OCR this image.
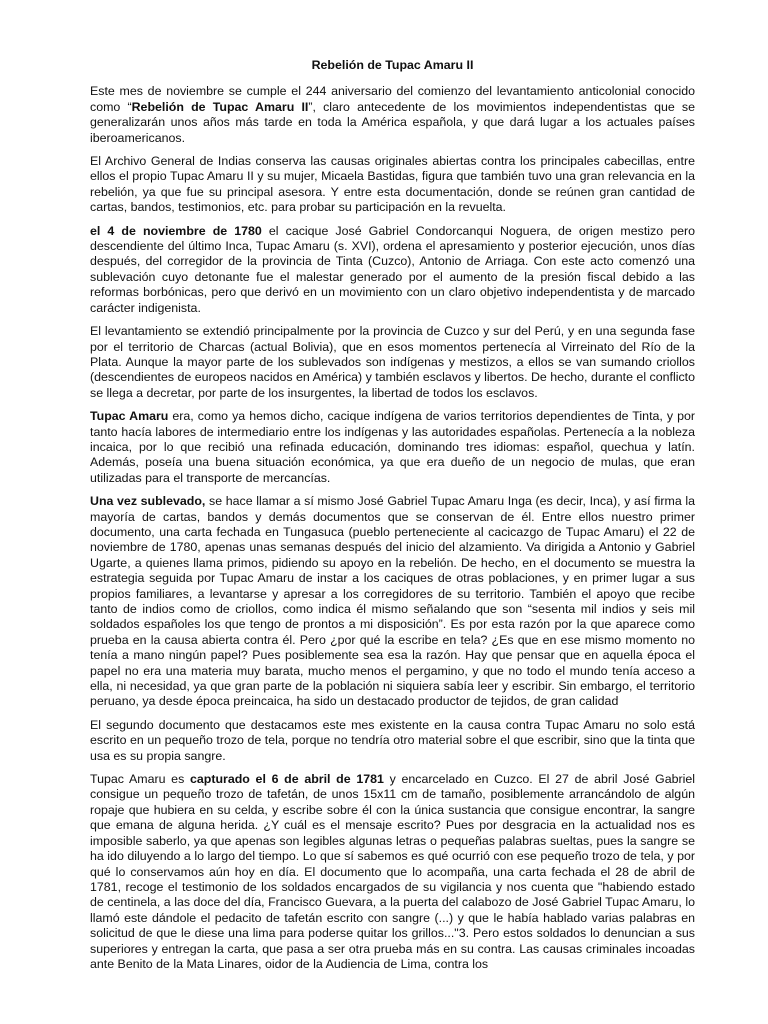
Rebelión de Tupac Amaru II

Este mes de noviembre se cumple el 244 aniversario del comienzo del levantamiento anticolonial conocido como “Rebelión de Tupac Amaru II”, claro antecedente de los movimientos independentistas que se generalizarán unos años más tarde en toda la América española, y que dará lugar a los actuales países iberoamericanos.

El Archivo General de Indias conserva las causas originales abiertas contra los principales cabecillas, entre ellos el propio Tupac Amaru II y su mujer, Micaela Bastidas, figura que también tuvo una gran relevancia en la rebelión, ya que fue su principal asesora. Y entre esta documentación, donde se reúnen gran cantidad de cartas, bandos, testimonios, etc. para probar su participación en la revuelta.

el 4 de noviembre de 1780 el cacique José Gabriel Condorcanqui Noguera, de origen mestizo pero descendiente del último Inca, Tupac Amaru (s. XVI), ordena el apresamiento y posterior ejecución, unos días después, del corregidor de la provincia de Tinta (Cuzco), Antonio de Arriaga. Con este acto comenzó una sublevación cuyo detonante fue el malestar generado por el aumento de la presión fiscal debido a las reformas borbónicas, pero que derivó en un movimiento con un claro objetivo independentista y de marcado carácter indigenista.

El levantamiento se extendió principalmente por la provincia de Cuzco y sur del Perú, y en una segunda fase por el territorio de Charcas (actual Bolivia), que en esos momentos pertenecía al Virreinato del Río de la Plata. Aunque la mayor parte de los sublevados son indígenas y mestizos, a ellos se van sumando criollos (descendientes de europeos nacidos en América) y también esclavos y libertos. De hecho, durante el conflicto se llega a decretar, por parte de los insurgentes, la libertad de todos los esclavos.

Tupac Amaru era, como ya hemos dicho, cacique indígena de varios territorios dependientes de Tinta, y por tanto hacía labores de intermediario entre los indígenas y las autoridades españolas. Pertenecía a la nobleza incaica, por lo que recibió una refinada educación, dominando tres idiomas: español, quechua y latín. Además, poseía una buena situación económica, ya que era dueño de un negocio de mulas, que eran utilizadas para el transporte de mercancías.

Una vez sublevado, se hace llamar a sí mismo José Gabriel Tupac Amaru Inga (es decir, Inca), y así firma la mayoría de cartas, bandos y demás documentos que se conservan de él. Entre ellos nuestro primer documento, una carta fechada en Tungasuca (pueblo perteneciente al cacicazgo de Tupac Amaru) el 22 de noviembre de 1780, apenas unas semanas después del inicio del alzamiento. Va dirigida a Antonio y Gabriel Ugarte, a quienes llama primos, pidiendo su apoyo en la rebelión. De hecho, en el documento se muestra la estrategia seguida por Tupac Amaru de instar a los caciques de otras poblaciones, y en primer lugar a sus propios familiares, a levantarse y apresar a los corregidores de su territorio. También el apoyo que recibe tanto de indios como de criollos, como indica él mismo señalando que son “sesenta mil indios y seis mil soldados españoles los que tengo de prontos a mi disposición”. Es por esta razón por la que aparece como prueba en la causa abierta contra él. Pero ¿por qué la escribe en tela? ¿Es que en ese mismo momento no tenía a mano ningún papel? Pues posiblemente sea esa la razón. Hay que pensar que en aquella época el papel no era una materia muy barata, mucho menos el pergamino, y que no todo el mundo tenía acceso a ella, ni necesidad, ya que gran parte de la población ni siquiera sabía leer y escribir. Sin embargo, el territorio peruano, ya desde época preincaica, ha sido un destacado productor de tejidos, de gran calidad

El segundo documento que destacamos este mes existente en la causa contra Tupac Amaru no solo está escrito en un pequeño trozo de tela, porque no tendría otro material sobre el que escribir, sino que la tinta que usa es su propia sangre.

Tupac Amaru es capturado el 6 de abril de 1781 y encarcelado en Cuzco. El 27 de abril José Gabriel consigue un pequeño trozo de tafetán, de unos 15x11 cm de tamaño, posiblemente arrancándolo de algún ropaje que hubiera en su celda, y escribe sobre él con la única sustancia que consigue encontrar, la sangre que emana de alguna herida. ¿Y cuál es el mensaje escrito? Pues por desgracia en la actualidad nos es imposible saberlo, ya que apenas son legibles algunas letras o pequeñas palabras sueltas, pues la sangre se ha ido diluyendo a lo largo del tiempo. Lo que sí sabemos es qué ocurrió con ese pequeño trozo de tela, y por qué lo conservamos aún hoy en día. El documento que lo acompaña, una carta fechada el 28 de abril de 1781, recoge el testimonio de los soldados encargados de su vigilancia y nos cuenta que "habiendo estado de centinela, a las doce del día, Francisco Guevara, a la puerta del calabozo de José Gabriel Tupac Amaru, lo llamó este dándole el pedacito de tafetán escrito con sangre (...) y que le había hablado varias palabras en solicitud de que le diese una lima para poderse quitar los grillos..."3. Pero estos soldados lo denuncian a sus superiores y entregan la carta, que pasa a ser otra prueba más en su contra. Las causas criminales incoadas ante Benito de la Mata Linares, oidor de la Audiencia de Lima, contra los
